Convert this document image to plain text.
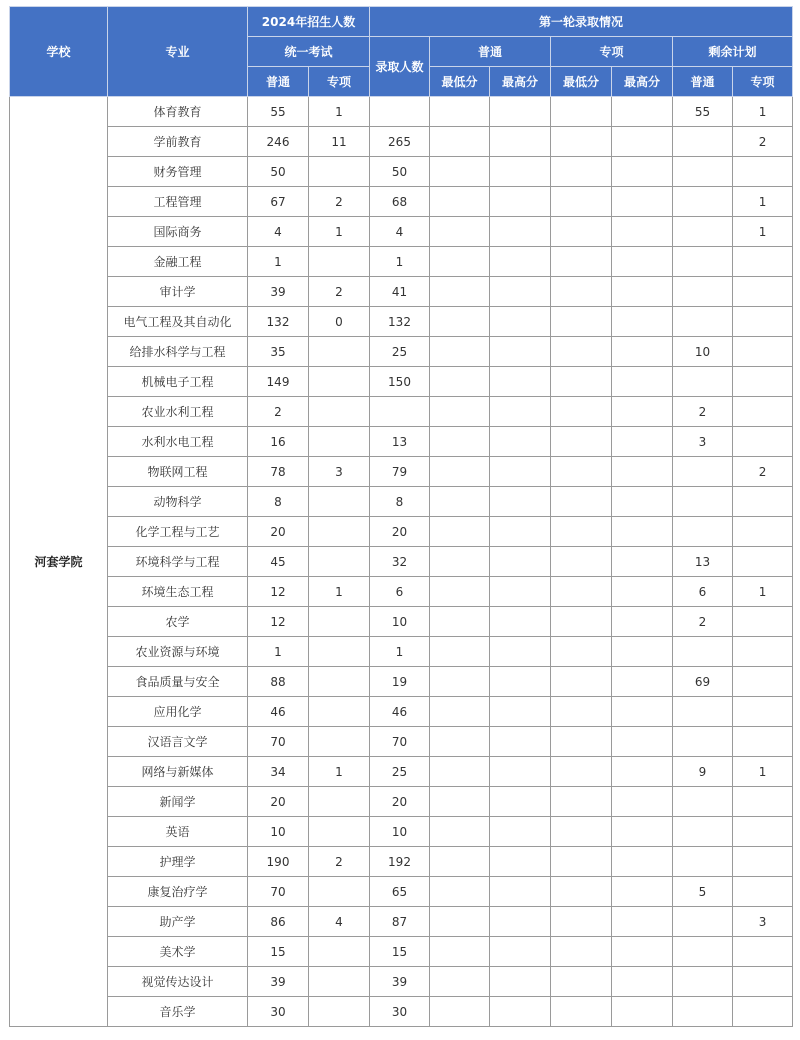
学校	专业	2024年招生人数		第一轮录取情况						
		统一考试		录取人数	普通		专项		剩余计划	
		普通	专项		最低分	最高分	最低分	最高分	普通	专项
河套学院	体育教育	55	1						55	1
	学前教育	246	11	265						2
	财务管理	50		50						
	工程管理	67	2	68						1
	国际商务	4	1	4						1
	金融工程	1		1						
	审计学	39	2	41						
	电气工程及其自动化	132	0	132						
	给排水科学与工程	35		25					10	
	机械电子工程	149		150						
	农业水利工程	2							2	
	水利水电工程	16		13					3	
	物联网工程	78	3	79						2
	动物科学	8		8						
	化学工程与工艺	20		20						
	环境科学与工程	45		32					13	
	环境生态工程	12	1	6					6	1
	农学	12		10					2	
	农业资源与环境	1		1						
	食品质量与安全	88		19					69	
	应用化学	46		46						
	汉语言文学	70		70						
	网络与新媒体	34	1	25					9	1
	新闻学	20		20						
	英语	10		10						
	护理学	190	2	192						
	康复治疗学	70		65					5	
	助产学	86	4	87						3
	美术学	15		15						
	视觉传达设计	39		39						
	音乐学	30		30						
